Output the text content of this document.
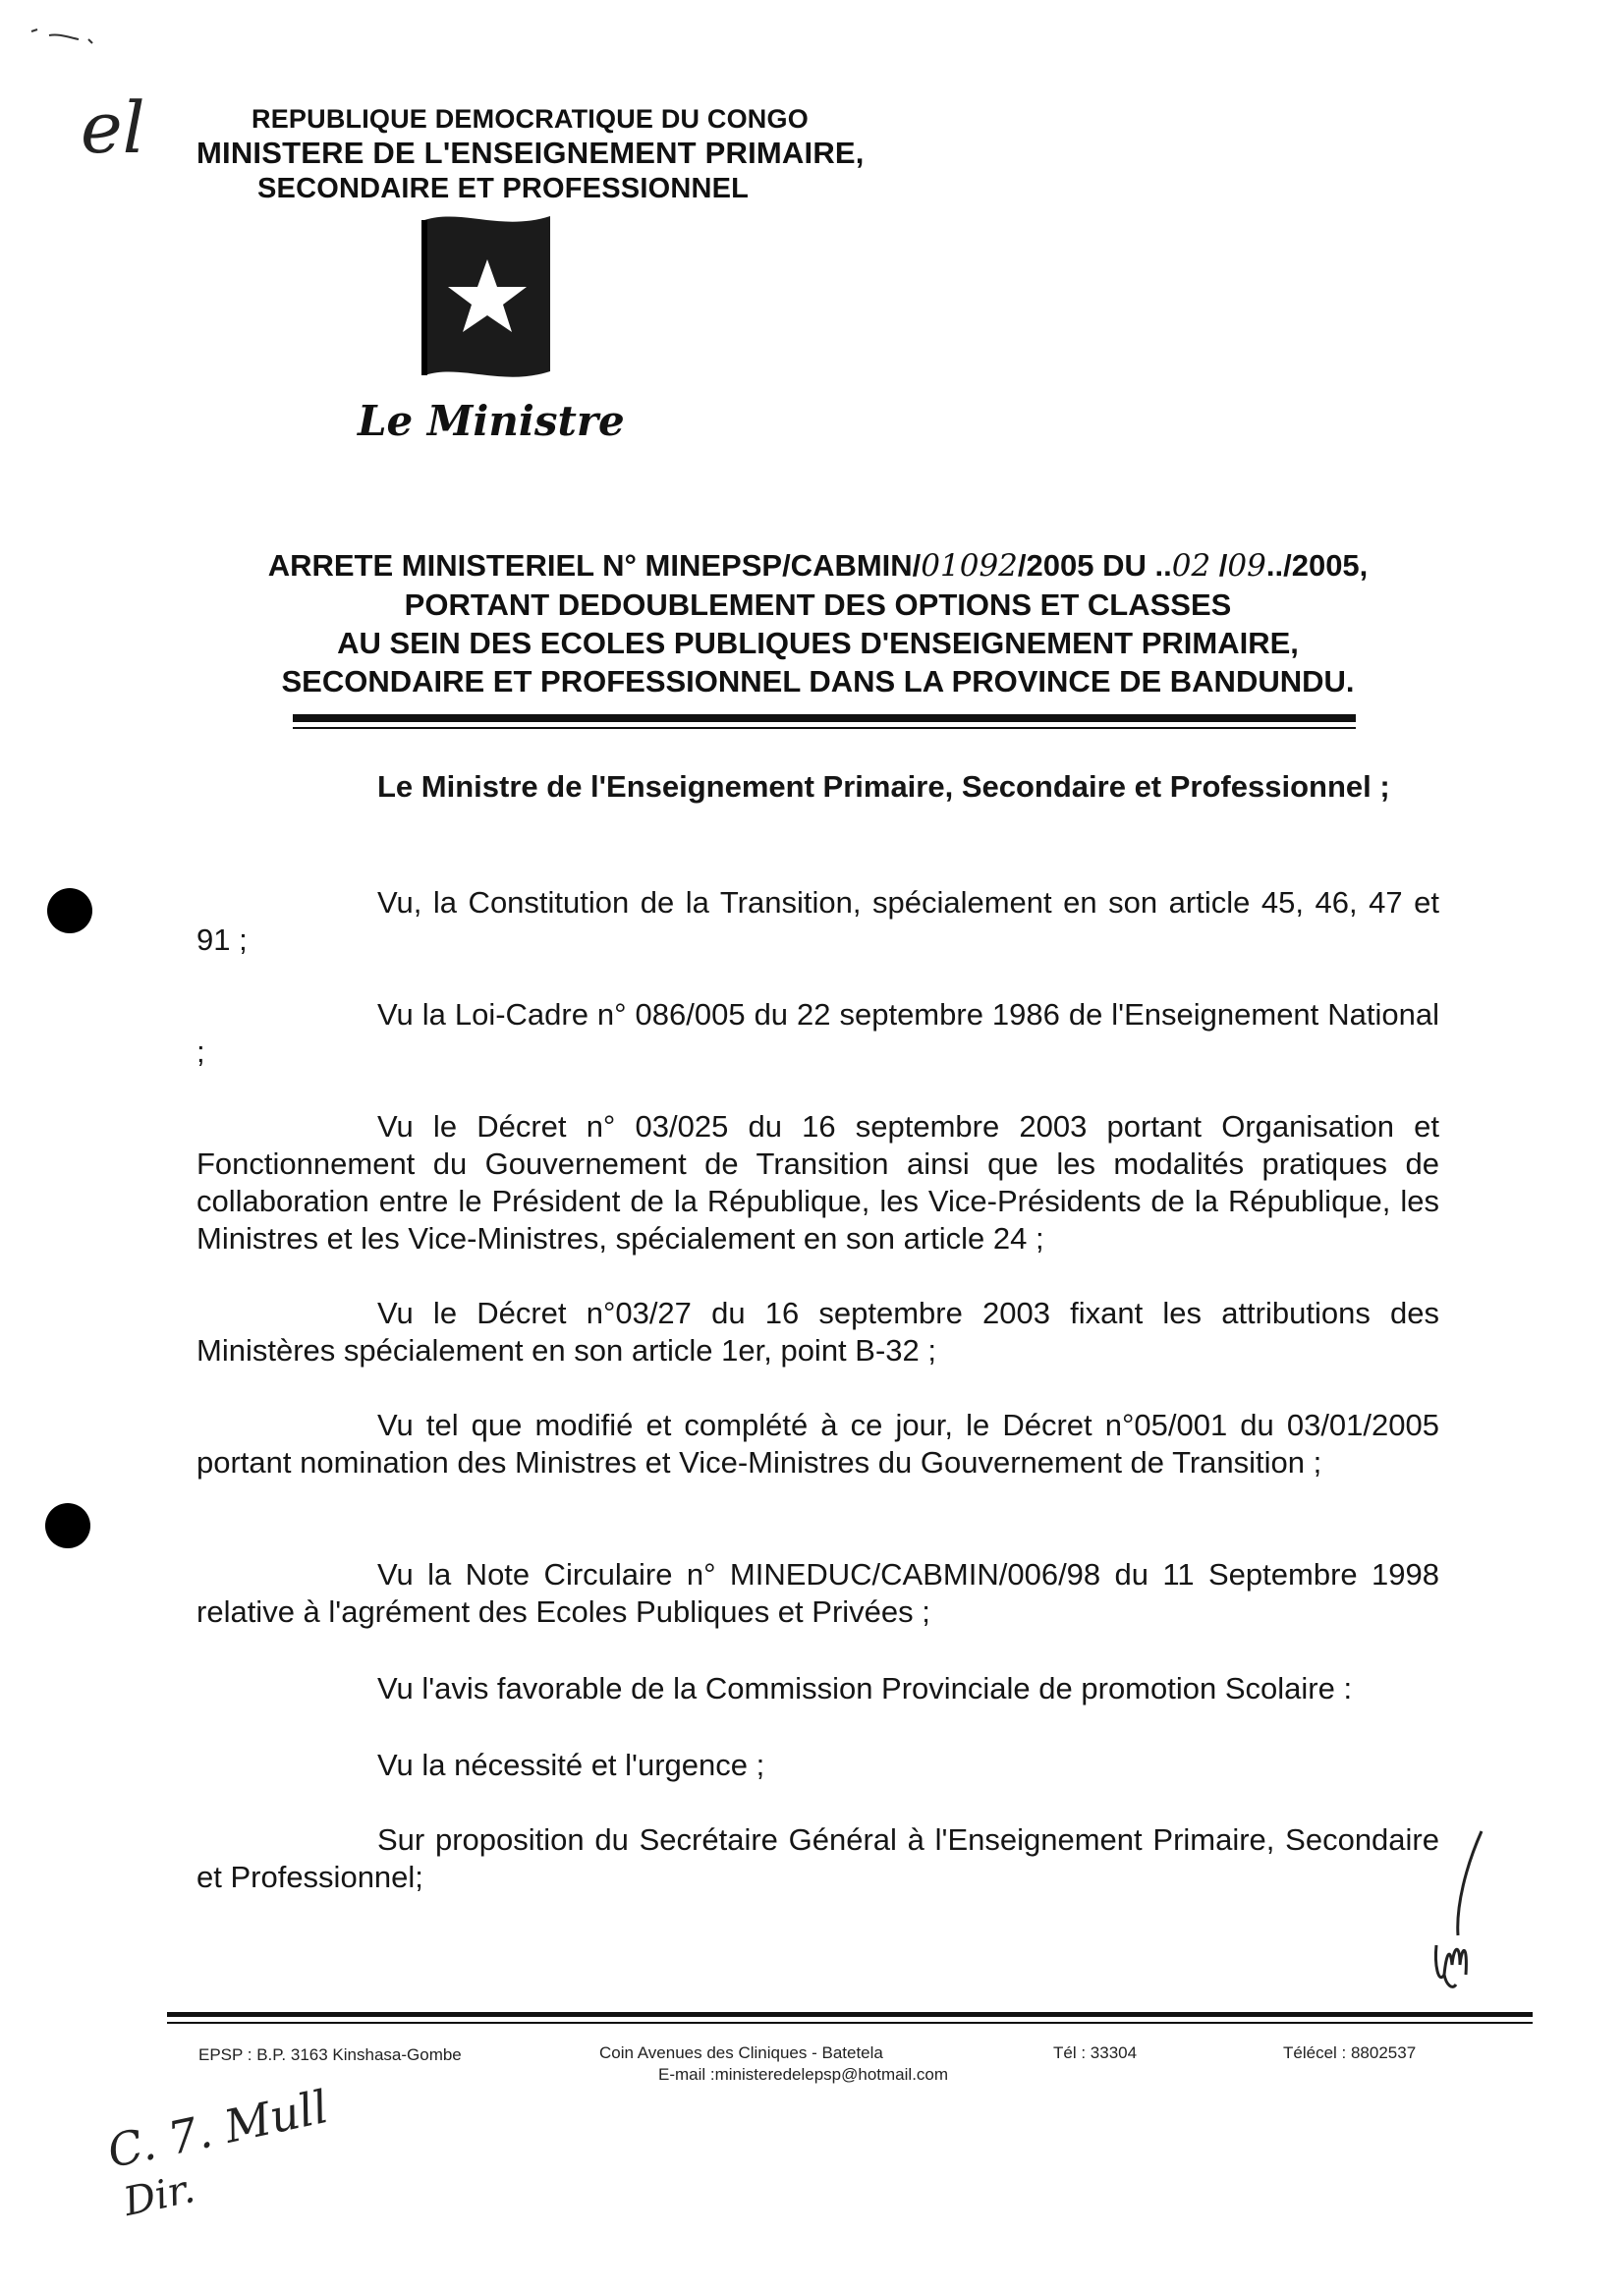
el	REPUBLIQUE DEMOCRATIQUE DU CONGO
MINISTERE DE L'ENSEIGNEMENT PRIMAIRE,
SECONDAIRE ET PROFESSIONNEL
★
★
★
★
★
★
Le Ministre
ARRETE MINISTERIEL N° MINEPSP/CABMIN/01092/2005 DU ..02 /09../2005,
PORTANT DEDOUBLEMENT DES OPTIONS ET CLASSES
AU SEIN DES ECOLES PUBLIQUES D'ENSEIGNEMENT PRIMAIRE,
SECONDAIRE ET PROFESSIONNEL DANS LA PROVINCE DE BANDUNDU.
Le Ministre de l'Enseignement Primaire, Secondaire et Professionnel ;
Vu, la Constitution de la Transition, spécialement en son article 45, 46, 47 et 91 ;
Vu la Loi-Cadre n° 086/005 du 22 septembre 1986 de l'Enseignement National ;
Vu le Décret n° 03/025 du 16 septembre 2003 portant Organisation et Fonctionnement du Gouvernement de Transition ainsi que les modalités pratiques de collaboration entre le Président de la République, les Vice-Présidents de la République, les Ministres et les Vice-Ministres, spécialement en son article 24 ;
Vu le Décret n°03/27 du 16 septembre 2003 fixant les attributions des Ministères spécialement en son article 1er, point B-32 ;
Vu tel que modifié et complété à ce jour, le Décret n°05/001 du 03/01/2005 portant nomination des Ministres et Vice-Ministres du Gouvernement de Transition ;
Vu la Note Circulaire n° MINEDUC/CABMIN/006/98 du 11 Septembre 1998 relative à l'agrément des Ecoles Publiques et Privées ;
Vu l'avis favorable de la Commission Provinciale de promotion Scolaire :
Vu la nécessité et l'urgence ;
Sur proposition du Secrétaire Général à l'Enseignement Primaire, Secondaire et Professionnel;
EPSP : B.P. 3163 Kinshasa-Gombe	Coin Avenues des Cliniques - Batetela
E-mail :ministeredelepsp@hotmail.com
Tél : 33304	Télécel : 8802537
C. 7. Mull
Dir.
